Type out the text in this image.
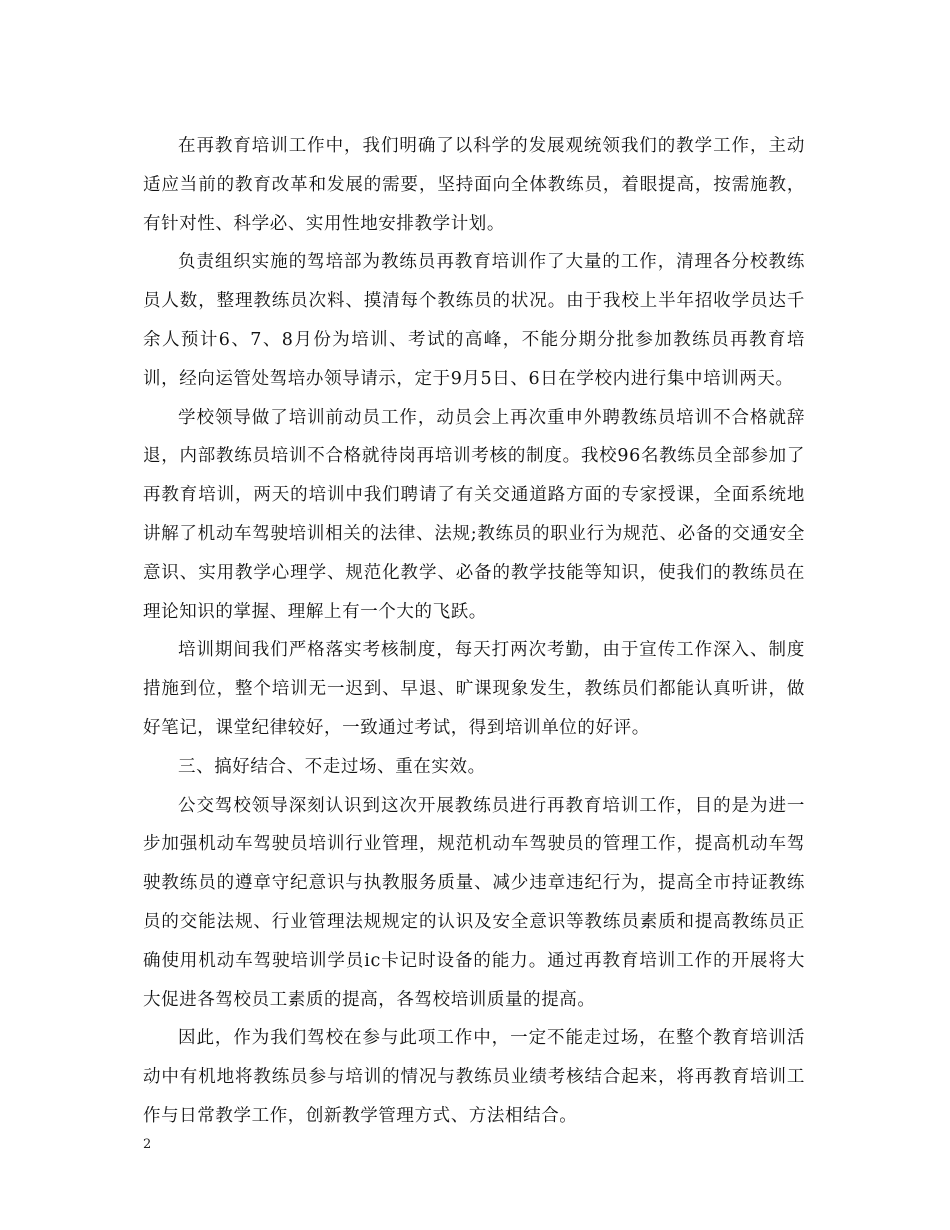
在再教育培训工作中，我们明确了以科学的发展观统领我们的教学工作，主动适应当前的教育改革和发展的需要，坚持面向全体教练员，着眼提高，按需施教，有针对性、科学必、实用性地安排教学计划。

负责组织实施的驾培部为教练员再教育培训作了大量的工作，清理各分校教练员人数，整理教练员次料、摸清每个教练员的状况。由于我校上半年招收学员达千余人预计6、7、8月份为培训、考试的高峰，不能分期分批参加教练员再教育培训，经向运管处驾培办领导请示，定于9月5日、6日在学校内进行集中培训两天。

学校领导做了培训前动员工作，动员会上再次重申外聘教练员培训不合格就辞退，内部教练员培训不合格就待岗再培训考核的制度。我校96名教练员全部参加了再教育培训，两天的培训中我们聘请了有关交通道路方面的专家授课，全面系统地讲解了机动车驾驶培训相关的法律、法规;教练员的职业行为规范、必备的交通安全意识、实用教学心理学、规范化教学、必备的教学技能等知识，使我们的教练员在理论知识的掌握、理解上有一个大的飞跃。

培训期间我们严格落实考核制度，每天打两次考勤，由于宣传工作深入、制度措施到位，整个培训无一迟到、早退、旷课现象发生，教练员们都能认真听讲，做好笔记，课堂纪律较好，一致通过考试，得到培训单位的好评。

三、搞好结合、不走过场、重在实效。

公交驾校领导深刻认识到这次开展教练员进行再教育培训工作，目的是为进一步加强机动车驾驶员培训行业管理，规范机动车驾驶员的管理工作，提高机动车驾驶教练员的遵章守纪意识与执教服务质量、减少违章违纪行为，提高全市持证教练员的交能法规、行业管理法规规定的认识及安全意识等教练员素质和提高教练员正确使用机动车驾驶培训学员ic卡记时设备的能力。通过再教育培训工作的开展将大大促进各驾校员工素质的提高，各驾校培训质量的提高。

因此，作为我们驾校在参与此项工作中，一定不能走过场，在整个教育培训活动中有机地将教练员参与培训的情况与教练员业绩考核结合起来，将再教育培训工作与日常教学工作，创新教学管理方式、方法相结合。

2
